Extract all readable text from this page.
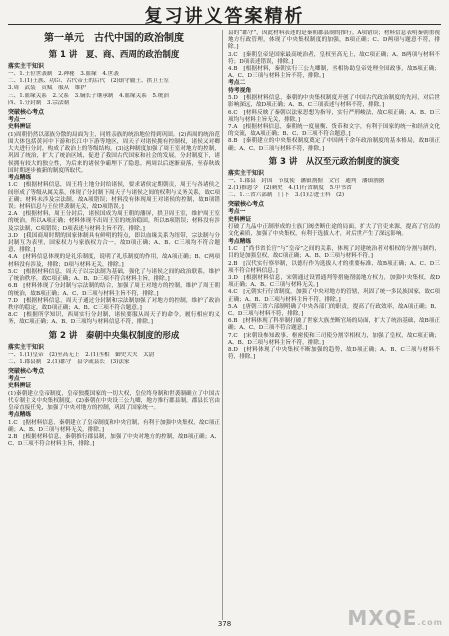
复习讲义答案精析
第一单元　古代中国的政治制度
第 1 讲　夏、商、西周的政治制度
落实主干知识
一、1.王位世袭制　2.神秘　3.血缘　4.世袭
二、1.(1)王族、功臣、古代帝王的后代　(2)镇守疆土、拱卫王室
3.周　武装　贡赋　服从　维护
三、1.血缘关系　2.父系　3.嫡长子继承制　4.血缘关系　5.统治
四、1.分封制　3.宗法制
突破核心考点
考点一
史料辨证
(1)周朝仍然以部族分散的局面为主，同姓亲族的统治地位得到巩固。(2)西周的统治范围大体包括黄河中下游和长江中下游等地区，周天子对诸侯拥有控制权，诸侯又对卿大夫进行分封，构成了政治上的等级结构。(3)这种制度加强了周王室对地方的控制，巩固了统治，扩大了统治区域，促进了我国古代国家和社会的发展。分封制度下，诸侯拥有较大的独立性，为后来的诸侯争霸埋下了隐患。两周以后逐渐衰落，至春秋战国时期逐步被新的制度所取代。
考点精练
1.C　[根据材料信息，周王将土地分封给诸侯，要求诸侯定期朝贡，周王与各诸侯之间形成了等级从属关系，体现了分封制下周天子与诸侯之间的权利与义务关系，故C项正确；材料未涉及宗法制，故A项错误；材料没有体现周王对诸侯的控制，故B项错误；材料信息与王位世袭制无关，故D项错误。]
2.A　[根据材料，周王分封后，诸侯国成为周王朝的藩屏，拱卫周王室，维护周王室的统治，所以A项正确；材料体现不出周王室的统治稳固，所以B项错误；材料没有涉及宗法制，C项错误；D项表述与材料主旨不符，排除。]
3.D　[我国商周时期的国家体制具有鲜明的特点，即以血缘关系为纽带，宗法制与分封制互为表里，国家权力与家族权力合一。故D项正确；A、B、C三项均不符合题意，排除。]
4.A　[材料信息体现的是礼乐制度，说明了礼乐制度的作用，故A项正确；B、C两项材料没有涉及，排除；D项与材料无关，排除。]
5.C　[根据材料信息，周天子以宗法制为基础，强化了与诸侯之间的政治联系，维护了统治秩序，故C项正确；A、B、D三项不符合材料主旨，排除。]
6.B　[材料体现了分封制与宗法制的结合，加强了周王对地方的控制，维护了周王朝的统治，故B项正确；A、C、D三项与材料主旨不符，排除。]
7.D　[根据材料信息，周天子通过分封制和宗法制加强了对地方的控制，维护了政治秩序的稳定，故D项正确；A、B、C三项不符合题意。]
8.C　[根据所学知识，西周实行分封制，诸侯要服从周天子的命令，履行相应的义务，故C项正确；A、B、D三项均与材料信息不符，排除。]
第 2 讲　秦朝中央集权制度的形成
落实主干知识
一、1.(1)皇帝　(2)至高无上　2.(1)丞相　御史大夫　太尉
二、1.郡县制　2.(1)郡守　县令或县长　(3)法家
突破核心考点
考点一
史料辨证
(1)秦朝建立皇帝制度，皇帝独揽国家的一切大权，皇位终身制和世袭制确立了中国古代专制主义中央集权制度。(2)秦朝在中央设三公九卿，地方推行郡县制，郡县长官由皇帝直接任免，加强了中央对地方的控制，巩固了国家统一。
考点精练
1.C　[据材料信息，秦朝建立了皇帝制度和中央官制，有利于加强中央集权，故C项正确；A、B、D三项与材料无关，排除。]
2.B　[根据材料信息，秦朝推行郡县制，加强了中央对地方的控制，故B项正确；A、C、D三项不符合材料主旨，排除。]
县的“郡守”，因此材料表述的是秦朝郡县制的推行。A项错误；材料信息表明秦朝重视地方行政管理，体现了中央集权制度的加强，B项正确；C、D两项与题意不符，排除。]
3.C　[秦朝皇帝是国家最高统治者，皇权至高无上，故C项正确；A、B两项与材料不符；D项表述错误，排除。]
4.B　[根据材料，秦朝实行三公九卿制，丞相协助皇帝处理全国政事，故B项正确；A、C、D三项与材料主旨不符，排除。]
考点二
待考视角
5.D　[根据材料信息，秦朝的中央集权制度开创了中国古代政治制度的先河，对后世影响深远，故D项正确；A、B、C三项表述与材料不符，排除。]
6.C　[材料反映了秦朝以法家思想为指导，实行严刑峻法，故C项正确；A、B、D三项均与材料主旨无关，排除。]
7.A　[根据材料信息，秦朝统一度量衡、货币和文字，有利于国家的统一和经济文化的交流，故A项正确；B、C、D三项不符合题意。]
8.B　[秦朝建立的中央集权制度奠定了中国两千余年政治制度的基本格局，故B项正确；A、C、D三项与材料不符，排除。]
第 3 讲　从汉至元政治制度的演变
落实主干知识
一、1.郡县　封国　节度使　藩镇割据　文官　通判　藩镇割据
2.(1)推恩令　(2)刺史　4.(1)行省制度　5.中书省
二、1.三省六部制　门下　3.(1)②进士科　(2)
突破核心考点
考点一
史料辨证
打破了九品中正制形成的士族门阀垄断仕途的局面，扩大了官吏来源，提高了官员的文化素质，加强了中央集权，有利于选拔人才，对后世产生了深远影响。
考点精练
1.C　[“尚书省长官”与“皇帝”之间的关系，体现了封建统治者对相权的分割与制约，目的是加强皇权，故C项正确；A、B、D三项与材料不符。]
2.B　[汉代实行察举制，以德行作为选拔人才的重要标准，故B项正确；A、C、D三项不符合材料信息。]
3.D　[根据材料信息，宋朝通过设置通判等措施削弱地方权力，加强中央集权，故D项正确；A、B、C三项与材料无关。]
4.C　[元朝实行行省制度，加强了中央对地方的管辖，巩固了统一多民族国家，故C项正确；A、B、D三项与材料主旨不符，排除。]
5.A　[唐朝三省六部制明确了中央各部门的职责，提高了行政效率，故A项正确；B、C、D三项与材料不符，排除。]
6.B　[材料体现了科举制打破了世家大族垄断官场的局面，扩大了统治基础，故B项正确；A、C、D三项不符合题意。]
7.C　[宋朝设参知政事、枢密使和三司使分割宰相权力，加强了皇权，故C项正确；A、B、D三项与材料主旨不符，排除。]
8.D　[材料体现了中央集权不断加强的趋势，故D项正确；A、B、C三项与材料不符，排除。]
378	MXQE.com
